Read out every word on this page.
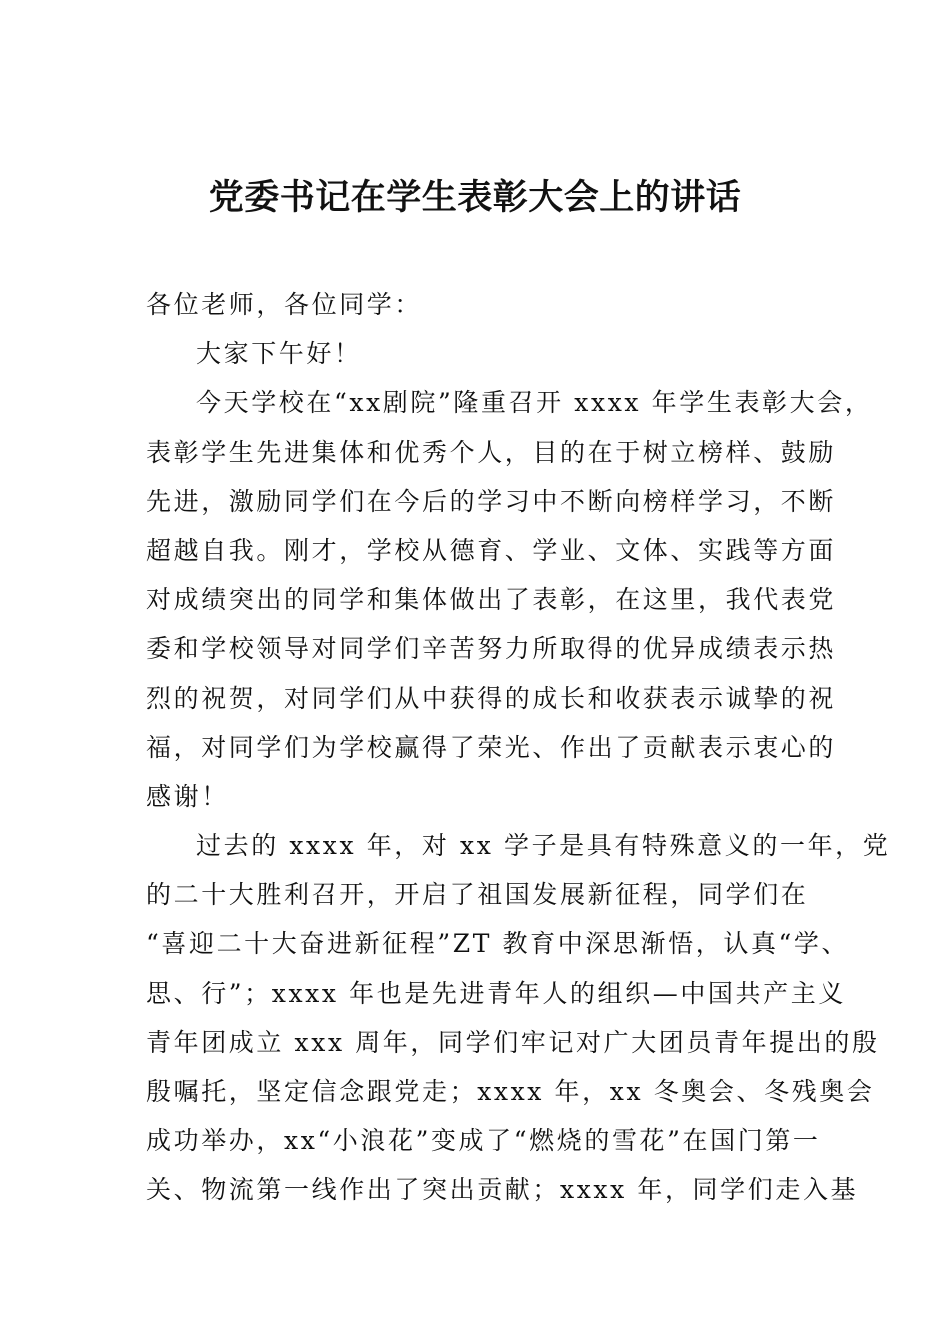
党委书记在学生表彰大会上的讲话
各位老师，各位同学：
大家下午好！
今天学校在“xx剧院”隆重召开 xxxx 年学生表彰大会，
表彰学生先进集体和优秀个人，目的在于树立榜样、鼓励
先进，激励同学们在今后的学习中不断向榜样学习，不断
超越自我。刚才，学校从德育、学业、文体、实践等方面
对成绩突出的同学和集体做出了表彰，在这里，我代表党
委和学校领导对同学们辛苦努力所取得的优异成绩表示热
烈的祝贺，对同学们从中获得的成长和收获表示诚挚的祝
福，对同学们为学校赢得了荣光、作出了贡献表示衷心的
感谢！
过去的 xxxx 年，对 xx 学子是具有特殊意义的一年，党
的二十大胜利召开，开启了祖国发展新征程，同学们在
“喜迎二十大奋进新征程”ZT 教育中深思渐悟，认真“学、
思、行”；xxxx 年也是先进青年人的组织—中国共产主义
青年团成立 xxx 周年，同学们牢记对广大团员青年提出的殷
殷嘱托，坚定信念跟党走；xxxx 年，xx 冬奥会、冬残奥会
成功举办，xx“小浪花”变成了“燃烧的雪花”在国门第一
关、物流第一线作出了突出贡献；xxxx 年，同学们走入基
